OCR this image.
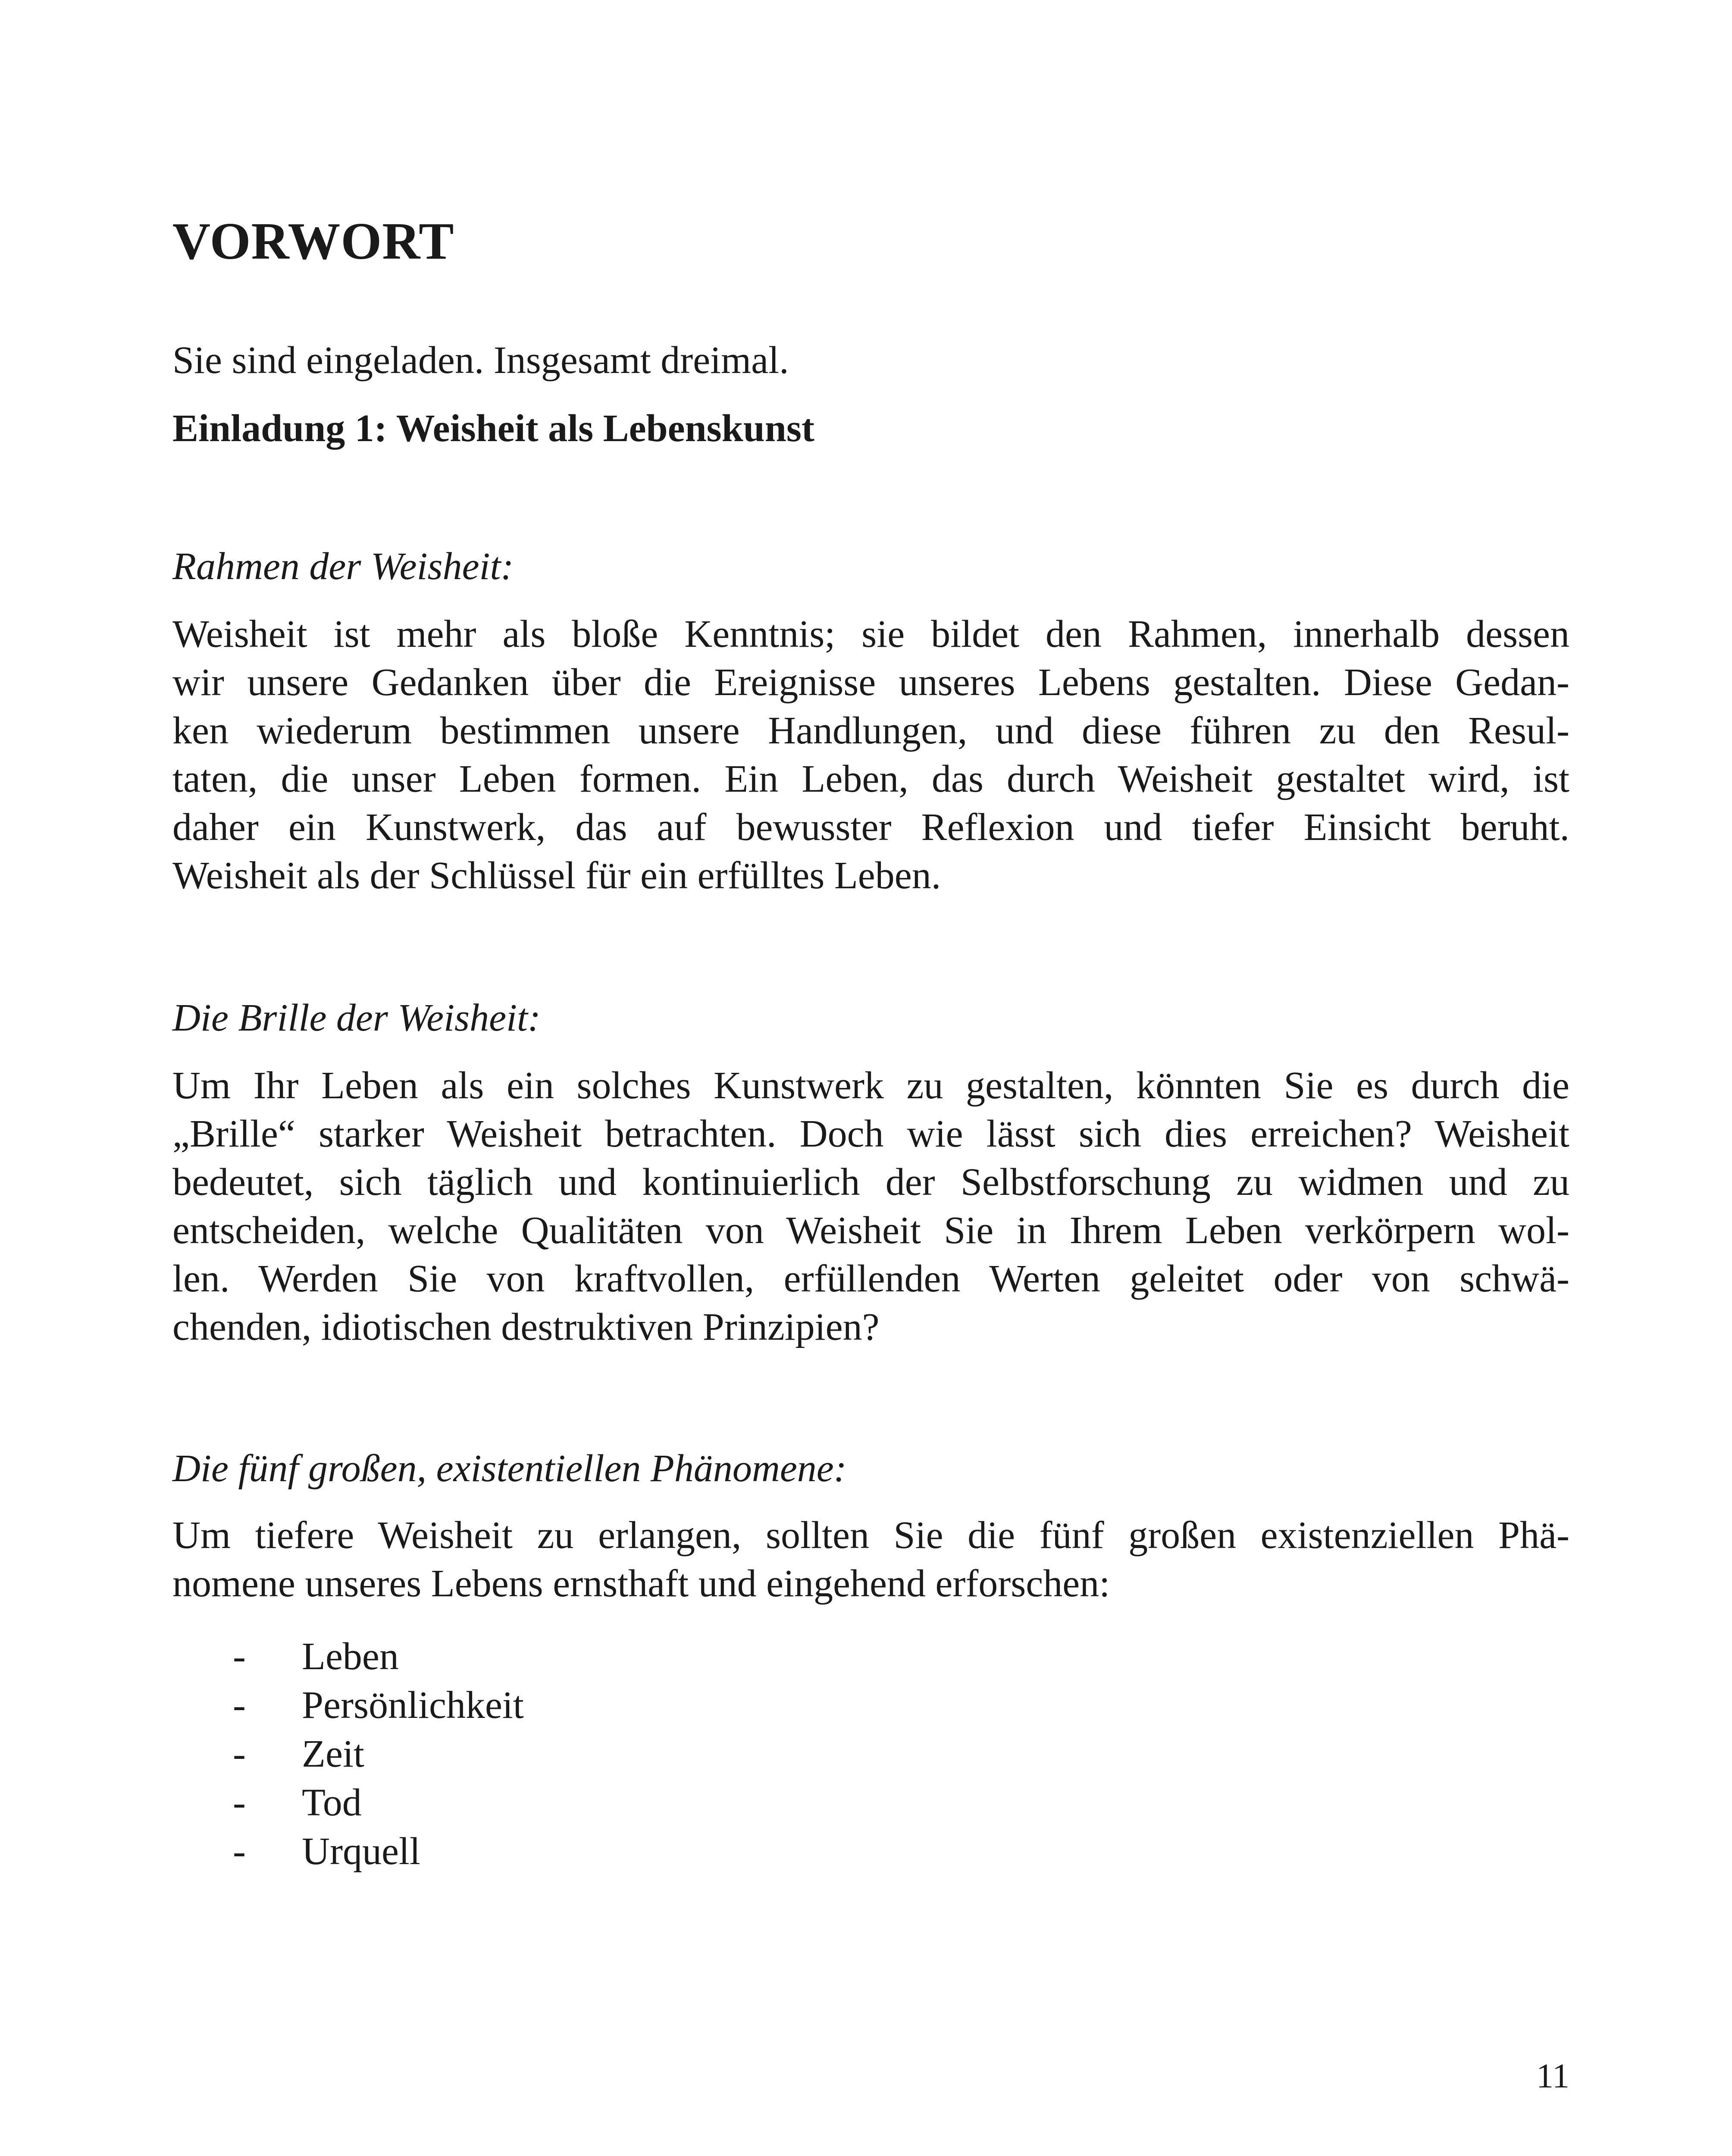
VORWORT

Sie sind eingeladen. Insgesamt dreimal.

Einladung 1: Weisheit als Lebenskunst

Rahmen der Weisheit:

Weisheit ist mehr als bloße Kenntnis; sie bildet den Rahmen, innerhalb dessen
wir unsere Gedanken über die Ereignisse unseres Lebens gestalten. Diese Gedan-
ken wiederum bestimmen unsere Handlungen, und diese führen zu den Resul-
taten, die unser Leben formen. Ein Leben, das durch Weisheit gestaltet wird, ist
daher ein Kunstwerk, das auf bewusster Reflexion und tiefer Einsicht beruht.
Weisheit als der Schlüssel für ein erfülltes Leben.

Die Brille der Weisheit:

Um Ihr Leben als ein solches Kunstwerk zu gestalten, könnten Sie es durch die
„Brille“ starker Weisheit betrachten. Doch wie lässt sich dies erreichen? Weisheit
bedeutet, sich täglich und kontinuierlich der Selbstforschung zu widmen und zu
entscheiden, welche Qualitäten von Weisheit Sie in Ihrem Leben verkörpern wol-
len. Werden Sie von kraftvollen, erfüllenden Werten geleitet oder von schwä-
chenden, idiotischen destruktiven Prinzipien?

Die fünf großen, existentiellen Phänomene:

Um tiefere Weisheit zu erlangen, sollten Sie die fünf großen existenziellen Phä-
nomene unseres Lebens ernsthaft und eingehend erforschen:
- Leben
- Persönlichkeit
- Zeit
- Tod
- Urquell

11
